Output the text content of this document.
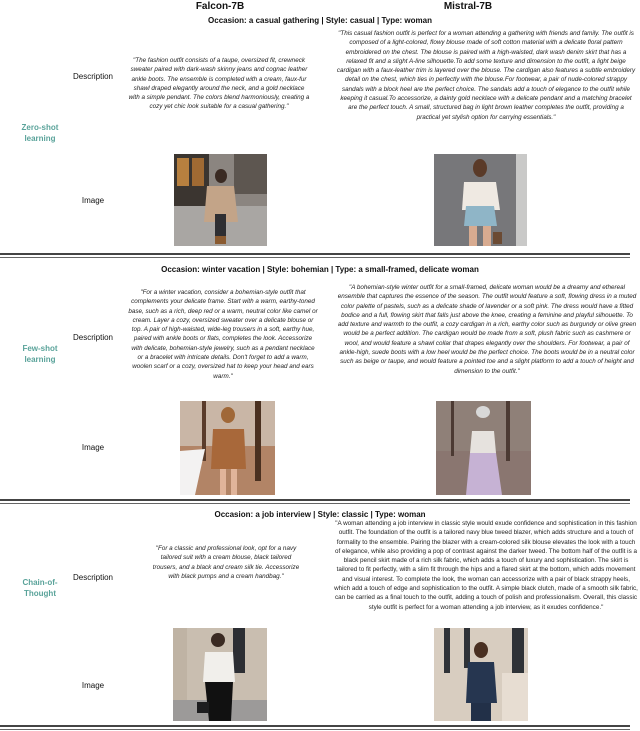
Falcon-7B	Mistral-7B
Occasion: a casual gathering | Style: casual | Type: woman
Zero-shot
learning
Description
Image
"The fashion outfit consists of a taupe, oversized fit, crewneck sweater paired with dark-wash skinny jeans and cognac leather ankle boots. The ensemble is completed with a cream, faux-fur shawl draped elegantly around the neck, and a gold necklace with a simple pendant. The colors blend harmoniously, creating a cozy yet chic look suitable for a casual gathering."
"This casual fashion outfit is perfect for a woman attending a gathering with friends and family. The outfit is composed of a light-colored, flowy blouse made of soft cotton material with a delicate floral pattern embroidered on the chest. The blouse is paired with a high-waisted, dark wash denim skirt that has a relaxed fit and a slight A-line silhouette.To add some texture and dimension to the outfit, a light beige cardigan with a faux-leather trim is layered over the blouse. The cardigan also features a subtle embroidery detail on the chest, which ties in perfectly with the blouse.For footwear, a pair of nude-colored strappy sandals with a block heel are the perfect choice. The sandals add a touch of elegance to the outfit while keeping it casual.To accessorize, a dainty gold necklace with a delicate pendant and a matching bracelet are the perfect touch. A small, structured bag in light brown leather completes the outfit, providing a practical yet stylish option for carrying essentials."
Occasion: winter vacation | Style: bohemian | Type: a small-framed, delicate woman
Few-shot
learning
Description
Image
"For a winter vacation, consider a bohemian-style outfit that complements your delicate frame. Start with a warm, earthy-toned base, such as a rich, deep red or a warm, neutral color like camel or cream. Layer a cozy, oversized sweater over a delicate blouse or top. A pair of high-waisted, wide-leg trousers in a soft, earthy hue, paired with ankle boots or flats, completes the look. Accessorize with delicate, bohemian-style jewelry, such as a pendant necklace or a bracelet with intricate details. Don't forget to add a warm, woolen scarf or a cozy, oversized hat to keep your head and ears warm."
"A bohemian-style winter outfit for a small-framed, delicate woman would be a dreamy and ethereal ensemble that captures the essence of the season. The outfit would feature a soft, flowing dress in a muted color palette of pastels, such as a delicate shade of lavender or a soft pink. The dress would have a fitted bodice and a full, flowing skirt that falls just above the knee, creating a feminine and playful silhouette. To add texture and warmth to the outfit, a cozy cardigan in a rich, earthy color such as burgundy or olive green would be a perfect addition. The cardigan would be made from a soft, plush fabric such as cashmere or wool, and would feature a shawl collar that drapes elegantly over the shoulders. For footwear, a pair of ankle-high, suede boots with a low heel would be the perfect choice. The boots would be in a neutral color such as beige or taupe, and would feature a pointed toe and a slight platform to add a touch of height and dimension to the outfit."
Occasion: a job interview | Style: classic | Type: woman
Chain-of-
Thought
Description
Image
"For a classic and professional look, opt for a navy tailored suit with a cream blouse, black tailored trousers, and a black and cream silk tie. Accessorize with black pumps and a cream handbag."
"A woman attending a job interview in classic style would exude confidence and sophistication in this fashion outfit. The foundation of the outfit is a tailored navy blue tweed blazer, which adds structure and a touch of formality to the ensemble. Pairing the blazer with a cream-colored silk blouse elevates the look with a touch of elegance, while also providing a pop of contrast against the darker tweed. The bottom half of the outfit is a black pencil skirt made of a rich silk fabric, which adds a touch of luxury and sophistication. The skirt is tailored to fit perfectly, with a slim fit through the hips and a flared skirt at the bottom, which adds movement and visual interest. To complete the look, the woman can accessorize with a pair of black strappy heels, which add a touch of edge and sophistication to the outfit. A simple black clutch, made of a smooth silk fabric, can be carried as a final touch to the outfit, adding a touch of polish and professionalism. Overall, this classic style outfit is perfect for a woman attending a job interview, as it exudes confidence."
